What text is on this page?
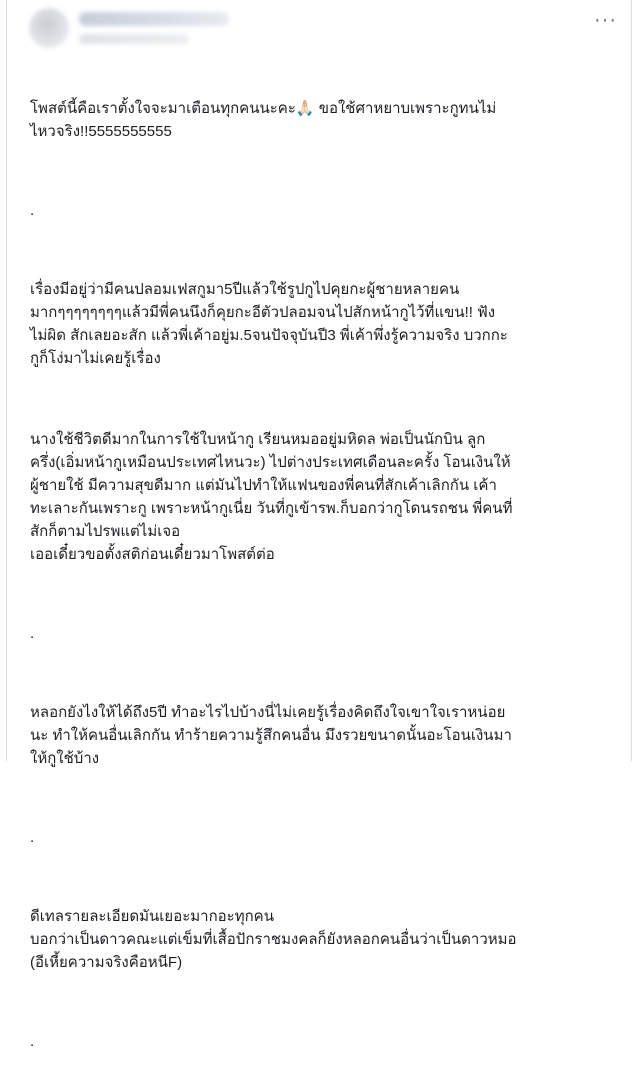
···

โพสต์นี้คือเราตั้งใจจะมาเตือนทุกคนนะคะ🙏🏻 ขอใช้ศาหยาบเพราะกูทนไม่
ไหวจริง!!5555555555

.

เรื่องมีอยู่ว่ามีคนปลอมเฟสกูมา5ปีแล้วใช้รูปกูไปคุยกะผู้ชายหลายคน
มากๆๆๆๆๆๆๆๆแล้วมีพี่คนนึงก็คุยกะอีตัวปลอมจนไปสักหน้ากูไว้ที่แขน!! ฟัง
ไม่ผิด สักเลยอะสัก แล้วพี่เค้าอยู่ม.5จนปัจจุบันปี3 พี่เค้าพึ่งรู้ความจริง บวกกะ
กูก็โง่มาไม่เคยรู้เรื่อง

นางใช้ชีวิตดีมากในการใช้ใบหน้ากู เรียนหมออยู่มหิดล พ่อเป็นนักบิน ลูก
ครึ่ง(เอิ่มหน้ากูเหมือนประเทศไหนวะ) ไปต่างประเทศเดือนละครั้ง โอนเงินให้
ผู้ชายใช้ มีความสุขดีมาก แต่มันไปทำให้แฟนของพี่คนที่สักเค้าเลิกกัน เค้า
ทะเลาะกันเพราะกู เพราะหน้ากูเนี่ย วันที่กูเข้ารพ.ก็บอกว่ากูโดนรถชน พี่คนที่
สักก็ตามไปรพแต่ไม่เจอ
เออเดี๋ยวขอตั้งสติก่อนเดี๋ยวมาโพสต์ต่อ

.

หลอกยังไงให้ได้ถึง5ปี ทำอะไรไปบ้างนี่ไม่เคยรู้เรื่องคิดถึงใจเขาใจเราหน่อย
นะ ทำให้คนอื่นเลิกกัน ทำร้ายความรู้สึกคนอื่น มึงรวยขนาดนั้นอะโอนเงินมา
ให้กูใช้บ้าง

.

ดีเทลรายละเอียดมันเยอะมากอะทุกคน
บอกว่าเป็นดาวคณะแต่เข็มที่เสื้อปักราชมงคลก็ยังหลอกคนอื่นว่าเป็นดาวหมอ
(อีเหี้ยความจริงคือหนีF)

.
